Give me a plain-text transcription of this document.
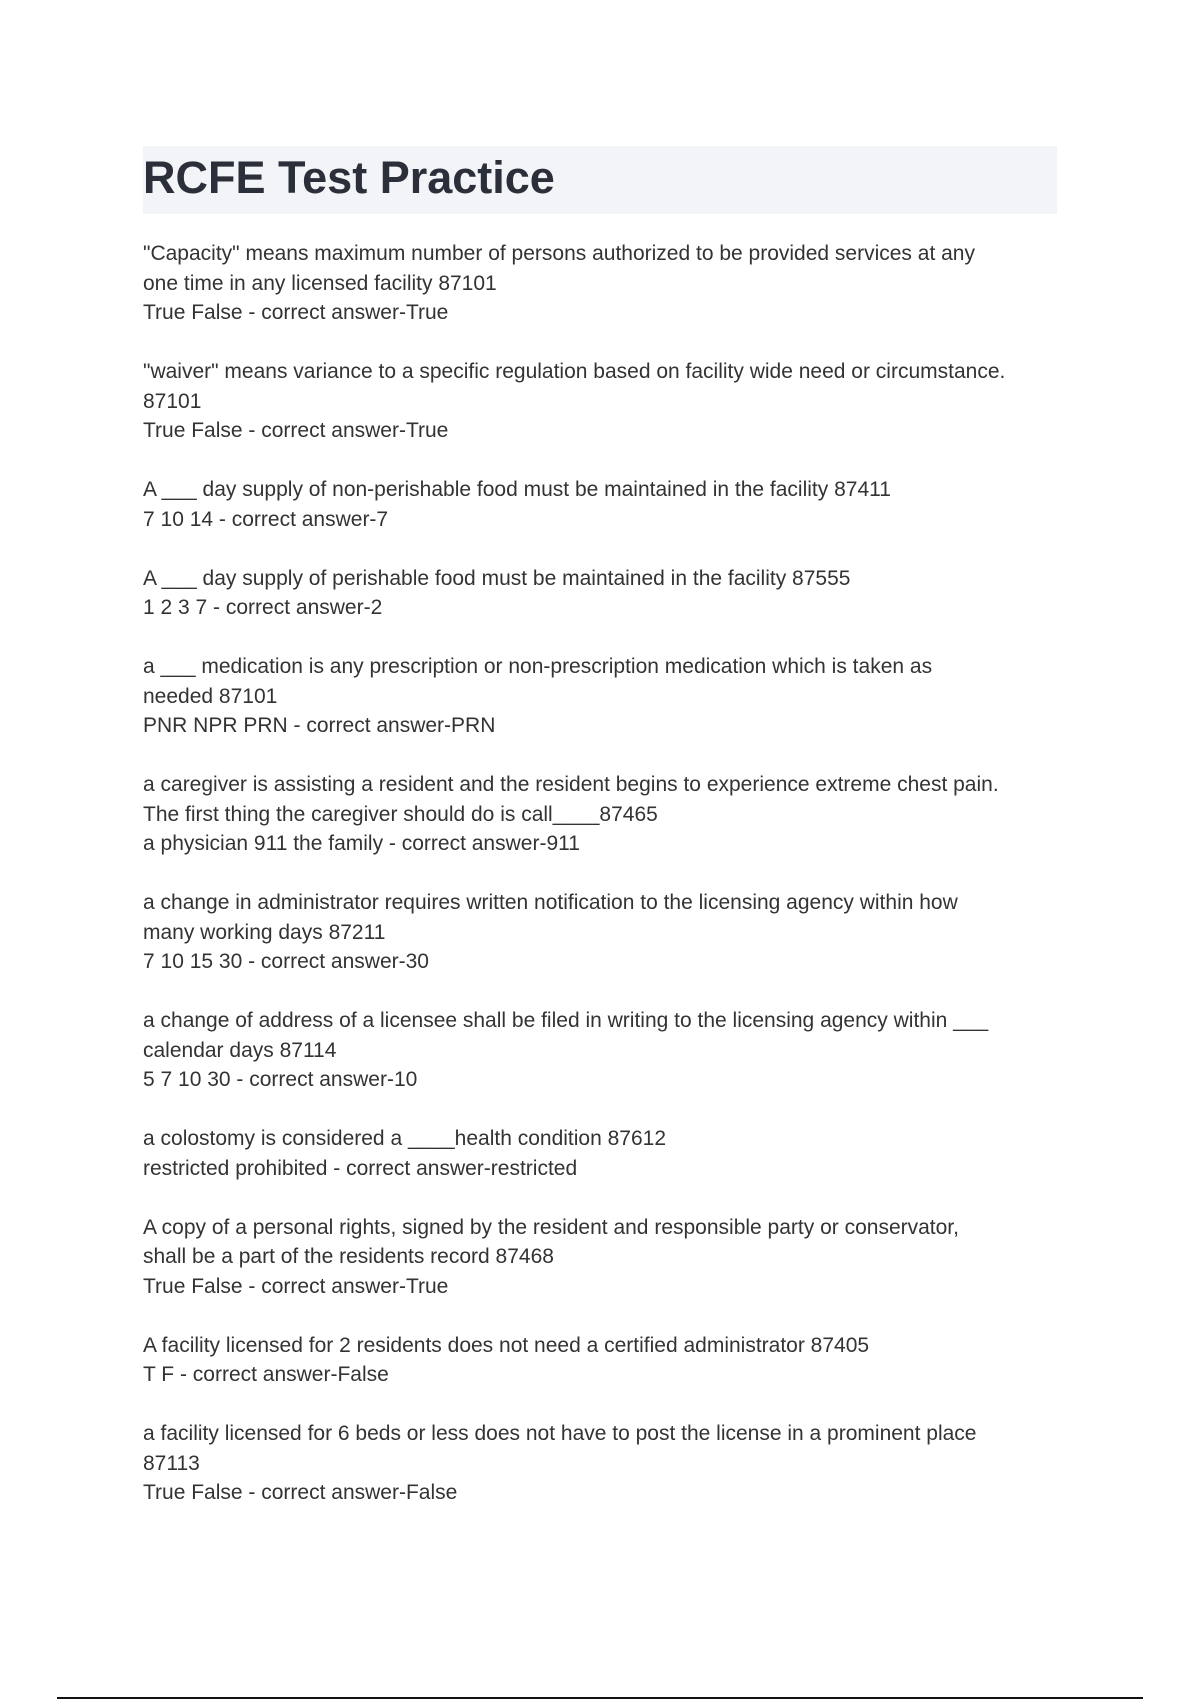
RCFE Test Practice

"Capacity" means maximum number of persons authorized to be provided services at any
one time in any licensed facility 87101

True False - correct answer-True

"waiver" means variance to a specific regulation based on facility wide need or circumstance.
87101

True False - correct answer-True

A ___ day supply of non-perishable food must be maintained in the facility 87411

7 10 14 - correct answer-7

A ___ day supply of perishable food must be maintained in the facility 87555

1 2 3 7 - correct answer-2

a ___ medication is any prescription or non-prescription medication which is taken as
needed 87101

PNR NPR PRN - correct answer-PRN

a caregiver is assisting a resident and the resident begins to experience extreme chest pain.
The first thing the caregiver should do is call____87465

a physician 911 the family - correct answer-911

a change in administrator requires written notification to the licensing agency within how
many working days 87211

7 10 15 30 - correct answer-30

a change of address of a licensee shall be filed in writing to the licensing agency within ___
calendar days 87114

5 7 10 30 - correct answer-10

a colostomy is considered a ____health condition 87612

restricted prohibited - correct answer-restricted

A copy of a personal rights, signed by the resident and responsible party or conservator,
shall be a part of the residents record 87468

True False - correct answer-True

A facility licensed for 2 residents does not need a certified administrator 87405

T F - correct answer-False

a facility licensed for 6 beds or less does not have to post the license in a prominent place
87113

True False - correct answer-False
